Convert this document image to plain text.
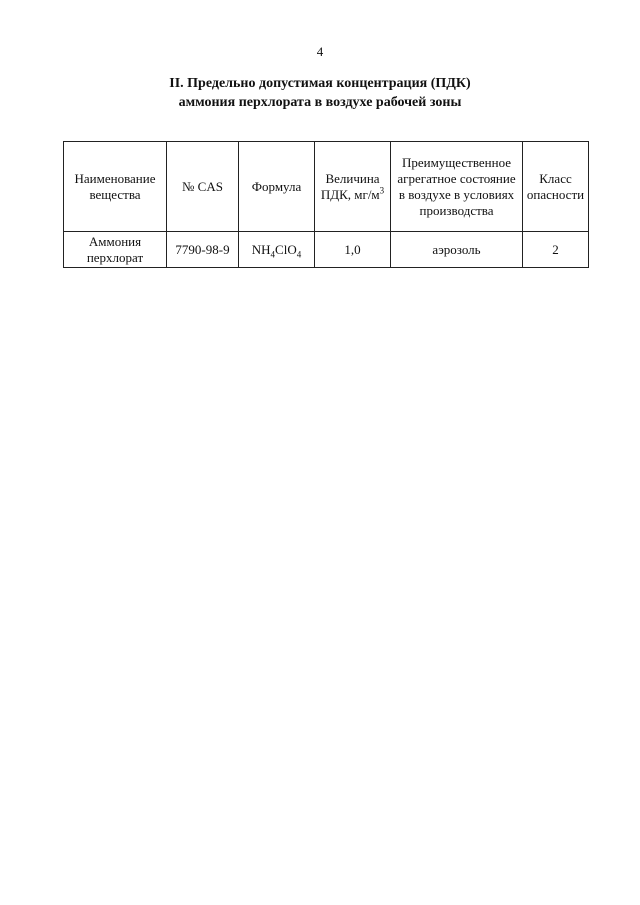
4
II. Предельно допустимая концентрация (ПДК)
аммония перхлората в воздухе рабочей зоны
Наименование вещества	№ CAS	Формула	Величина ПДК, $мг/м^3$	Преимущественное агрегатное состояние в воздухе в условиях производства	Класс опасности
Аммония перхлорат	7790-98-9	$NH_4ClO_4$	1,0	аэрозоль	2
